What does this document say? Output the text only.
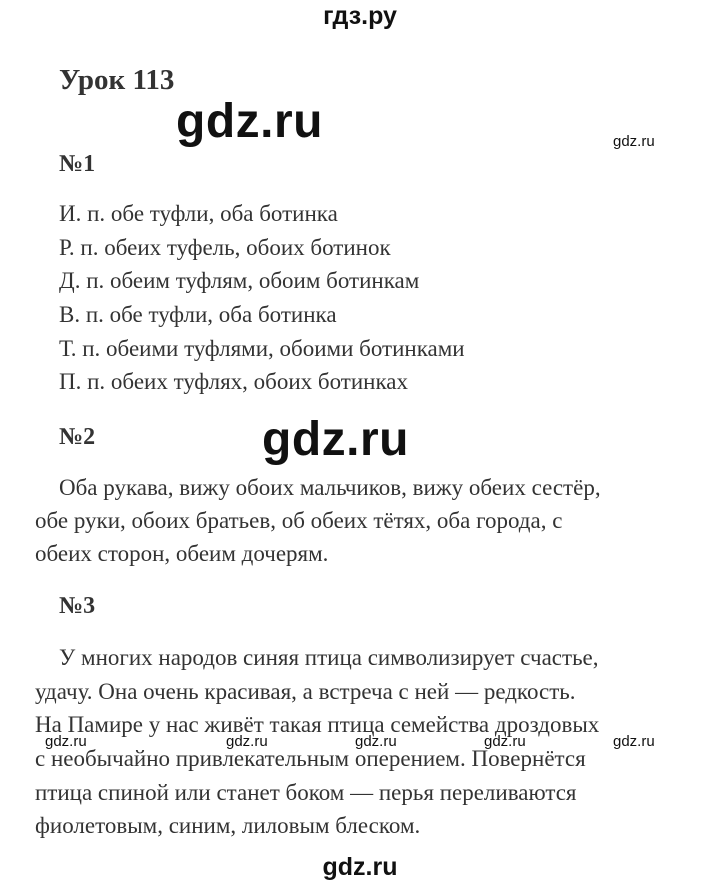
гдз.ру
Урок 113
gdz.ru	gdz.ru
gdz.ru
№1
И. п. обе туфли, оба ботинка
Р. п. обеих туфель, обоих ботинок
Д. п. обеим туфлям, обоим ботинкам
В. п. обе туфли, оба ботинка
Т. п. обеими туфлями, обоими ботинками
П. п. обеих туфлях, обоих ботинках
№2
Оба рукава, вижу обоих мальчиков, вижу обеих сестёр,
обе руки, обоих братьев, об обеих тётях, оба города, с
обеих сторон, обеим дочерям.
№3
У многих народов синяя птица символизирует счастье,
удачу. Она очень красивая, а встреча с ней — редкость.
На Памире у нас живёт такая птица семейства дроздовых
с необычайно привлекательным оперением. Повернётся
птица спиной или станет боком — перья переливаются
фиолетовым, синим, лиловым блеском.
gdz.ru	gdz.ru	gdz.ru	gdz.ru	gdz.ru
gdz.ru
